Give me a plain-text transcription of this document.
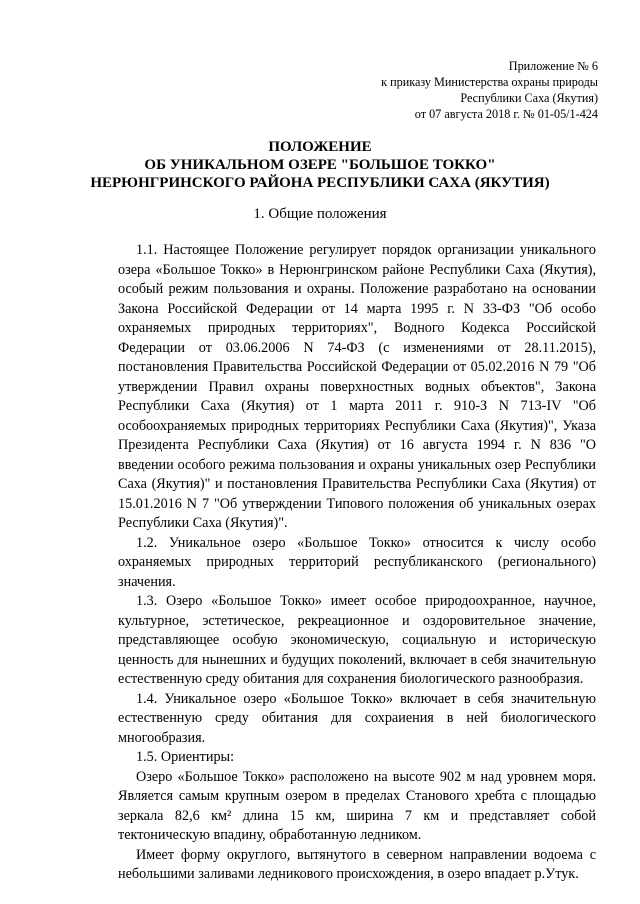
Приложение № 6
к приказу Министерства охраны природы
Республики Саха (Якутия)
от 07 августа 2018 г. № 01-05/1-424
ПОЛОЖЕНИЕ
ОБ УНИКАЛЬНОМ ОЗЕРЕ "БОЛЬШОЕ ТОККО"
НЕРЮНГРИНСКОГО РАЙОНА РЕСПУБЛИКИ САХА (ЯКУТИЯ)
1. Общие положения

1.1. Настоящее Положение регулирует порядок организации уникального озера «Большое Токко» в Нерюнгринском районе Республики Саха (Якутия), особый режим пользования и охраны. Положение разработано на основании Закона Российской Федерации от 14 марта 1995 г. N 33-ФЗ "Об особо охраняемых природных территориях", Водного Кодекса Российской Федерации от 03.06.2006 N 74-ФЗ (с изменениями от 28.11.2015), постановления Правительства Российской Федерации от 05.02.2016 N 79 "Об утверждении Правил охраны поверхностных водных объектов", Закона Республики Саха (Якутия) от 1 марта 2011 г. 910-З N 713-IV "Об особоохраняемых природных территориях Республики Саха (Якутия)", Указа Президента Республики Саха (Якутия) от 16 августа 1994 г. N 836 "О введении особого режима пользования и охраны уникальных озер Республики Саха (Якутия)" и постановления Правительства Республики Саха (Якутия) от 15.01.2016 N 7 "Об утверждении Типового положения об уникальных озерах Республики Саха (Якутия)".

1.2. Уникальное озеро «Большое Токко» относится к числу особо охраняемых природных территорий республиканского (регионального) значения.

1.3. Озеро «Большое Токко» имеет особое природоохранное, научное, культурное, эстетическое, рекреационное и оздоровительное значение, представляющее особую экономическую, социальную и историческую ценность для нынешних и будущих поколений, включает в себя значительную естественную среду обитания для сохранения биологического разнообразия.

1.4. Уникальное озеро «Большое Токко» включает в себя значительную естественную среду обитания для сохраиения в ней биологического многообразия.

1.5. Ориентиры:

Озеро «Большое Токко» расположено на высоте 902 м над уровнем моря. Является самым крупным озером в пределах Станового хребта с площадью зеркала 82,6 км² длина 15 км, ширина 7 км и представляет собой тектоническую впадину, обработанную ледником.

Имеет форму округлого, вытянутого в северном направлении водоема с небольшими заливами ледникового происхождения, в озеро впадает р.Утук.
